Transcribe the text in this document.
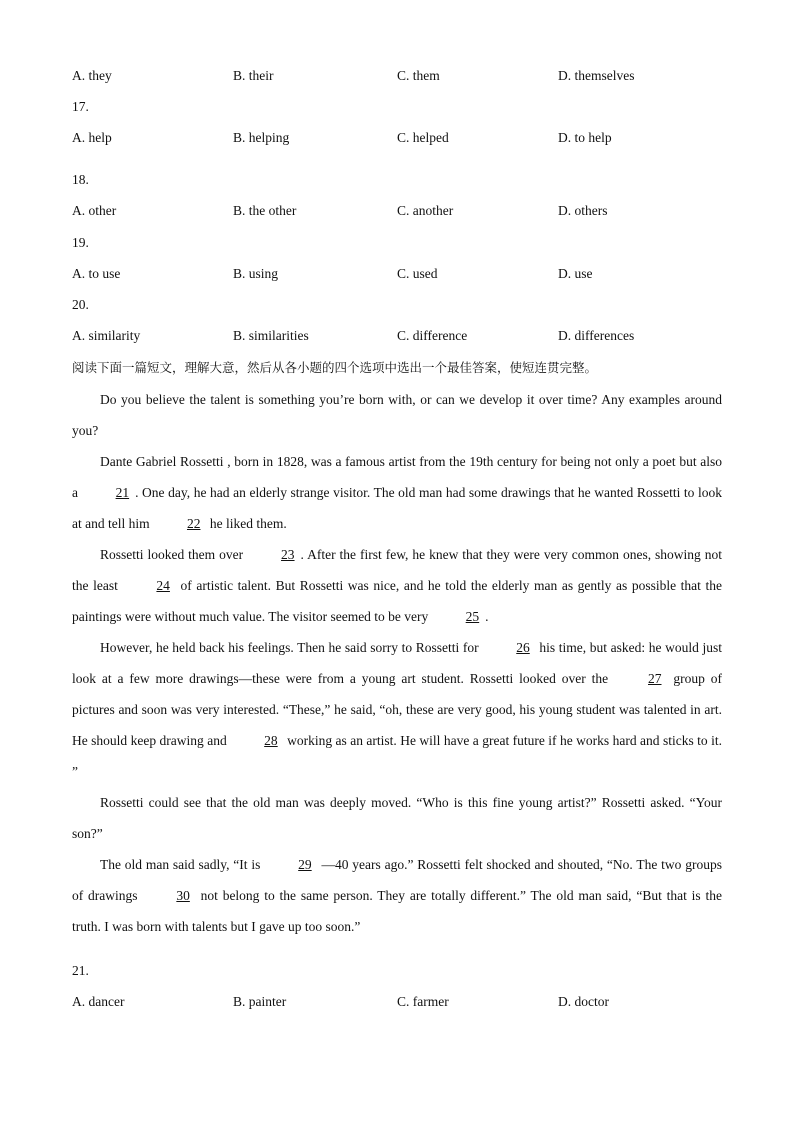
A. they	B. their	C. them	D. themselves
17.
A. help	B. helping	C. helped	D. to help
18.
A. other	B. the other	C. another	D. others
19.
A. to use	B. using	C. used	D. use
20.
A. similarity	B. similarities	C. difference	D. differences
阅读下面一篇短文，理解大意，然后从各小题的四个选项中选出一个最佳答案，使短连贯完整。

Do you believe the talent is something you’re born with, or can we develop it over time? Any examples around you?

Dante Gabriel Rossetti , born in 1828, was a famous artist from the 19th century for being not only a poet but also a	21 . One day, he had an elderly strange visitor. The old man had some drawings that he wanted Rossetti to look at and tell him	22 he liked them.

Rossetti looked them over	23 . After the first few, he knew that they were very common ones, showing not the least	24 of artistic talent. But Rossetti was nice, and he told the elderly man as gently as possible that the paintings were without much value. The visitor seemed to be very	25 .

However, he held back his feelings. Then he said sorry to Rossetti for	26 his time, but asked: he would just look at a few more drawings—these were from a young art student. Rossetti looked over the	27 group of pictures and soon was very interested. “These,” he said, “oh, these are very good, his young student was talented in art. He should keep drawing and	28 working as an artist. He will have a great future if he works hard and sticks to it. ”

Rossetti could see that the old man was deeply moved. “Who is this fine young artist?” Rossetti asked. “Your son?”

The old man said sadly, “It is	29 —40 years ago.” Rossetti felt shocked and shouted, “No. The two groups of drawings	30 not belong to the same person. They are totally different.” The old man said, “But that is the truth. I was born with talents but I gave up too soon.”

21.
A. dancer	B. painter	C. farmer	D. doctor
